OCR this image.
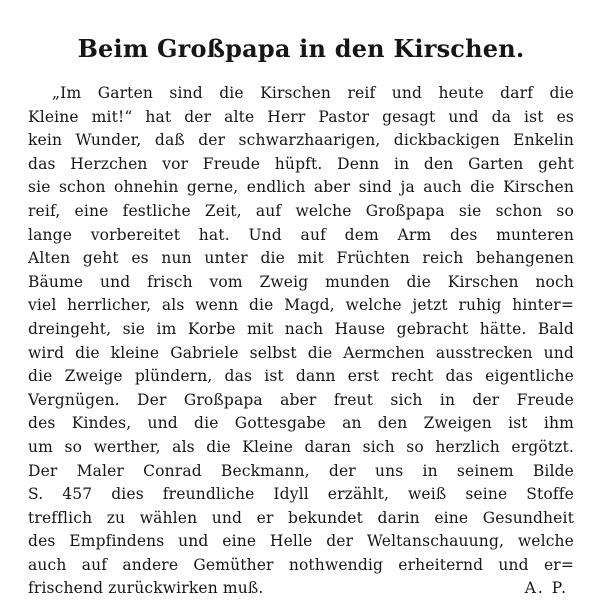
Beim Großpapa in den Kirschen.
„Im Garten sind die Kirschen reif und heute darf die
Kleine mit!“ hat der alte Herr Pastor gesagt und da ist es
kein Wunder, daß der schwarzhaarigen, dickbackigen Enkelin
das Herzchen vor Freude hüpft. Denn in den Garten geht
sie schon ohnehin gerne, endlich aber sind ja auch die Kirschen
reif, eine festliche Zeit, auf welche Großpapa sie schon so
lange vorbereitet hat. Und auf dem Arm des munteren
Alten geht es nun unter die mit Früchten reich behangenen
Bäume und frisch vom Zweig munden die Kirschen noch
viel herrlicher, als wenn die Magd, welche jetzt ruhig hinter=
dreingeht, sie im Korbe mit nach Hause gebracht hätte. Bald
wird die kleine Gabriele selbst die Aermchen ausstrecken und
die Zweige plündern, das ist dann erst recht das eigentliche
Vergnügen. Der Großpapa aber freut sich in der Freude
des Kindes, und die Gottesgabe an den Zweigen ist ihm
um so werther, als die Kleine daran sich so herzlich ergötzt.
Der Maler Conrad Beckmann, der uns in seinem Bilde
S. 457 dies freundliche Idyll erzählt, weiß seine Stoffe
trefflich zu wählen und er bekundet darin eine Gesundheit
des Empfindens und eine Helle der Weltanschauung, welche
auch auf andere Gemüther nothwendig erheiternd und er=
frischend zurückwirken muß.	A. P.
